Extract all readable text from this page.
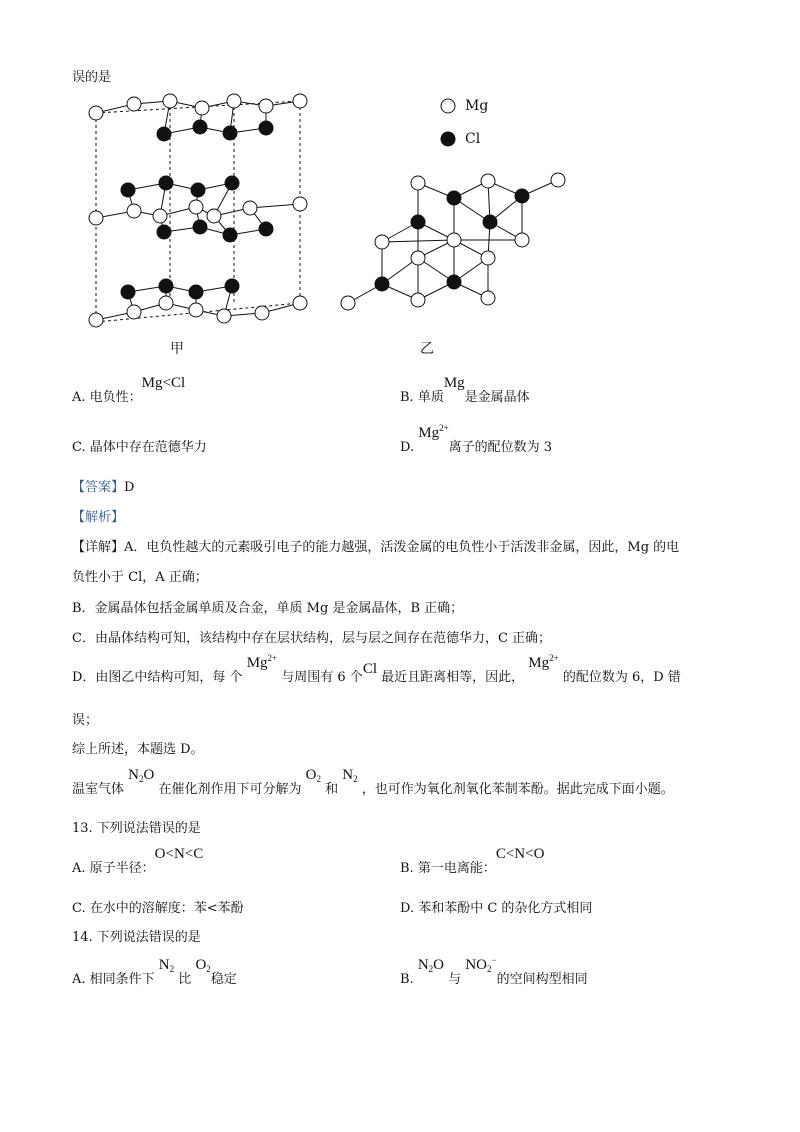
Mg
Cl
误的是
甲	乙
A. 电负性：Mg<Cl
B. 单质Mg是金属晶体
C. 晶体中存在范德华力	D. $Mg^{2+}$离子的配位数为 3
【答案】D
【解析】
【详解】A．电负性越大的元素吸引电子的能力越强，活泼金属的电负性小于活泼非金属，因此，Mg 的电
负性小于 Cl，A 正确；
B．金属晶体包括金属单质及合金，单质 Mg 是金属晶体，B 正确；
C．由晶体结构可知，该结构中存在层状结构，层与层之间存在范德华力，C 正确；
D．由图乙中结构可知，每 个 $Mg^{2+}$ 与周围有 6 个Cl 最近且距离相等，因此， $Mg^{2+}$ 的配位数为 6，D 错
误；
综上所述，本题选 D。
温室气体 $N_2O$ 在催化剂作用下可分解为 $O_2$ 和 $N_2$ ，也可作为氧化剂氧化苯制苯酚。据此完成下面小题。
13. 下列说法错误的是
A. 原子半径：O<N<C
B. 第一电离能：C<N<O
C. 在水中的溶解度：苯<苯酚	D. 苯和苯酚中 C 的杂化方式相同
14. 下列说法错误的是
A. 相同条件下 $N_2$ 比 $O_2$稳定	B. $N_2O$ 与 $NO_2^-$的空间构型相同
